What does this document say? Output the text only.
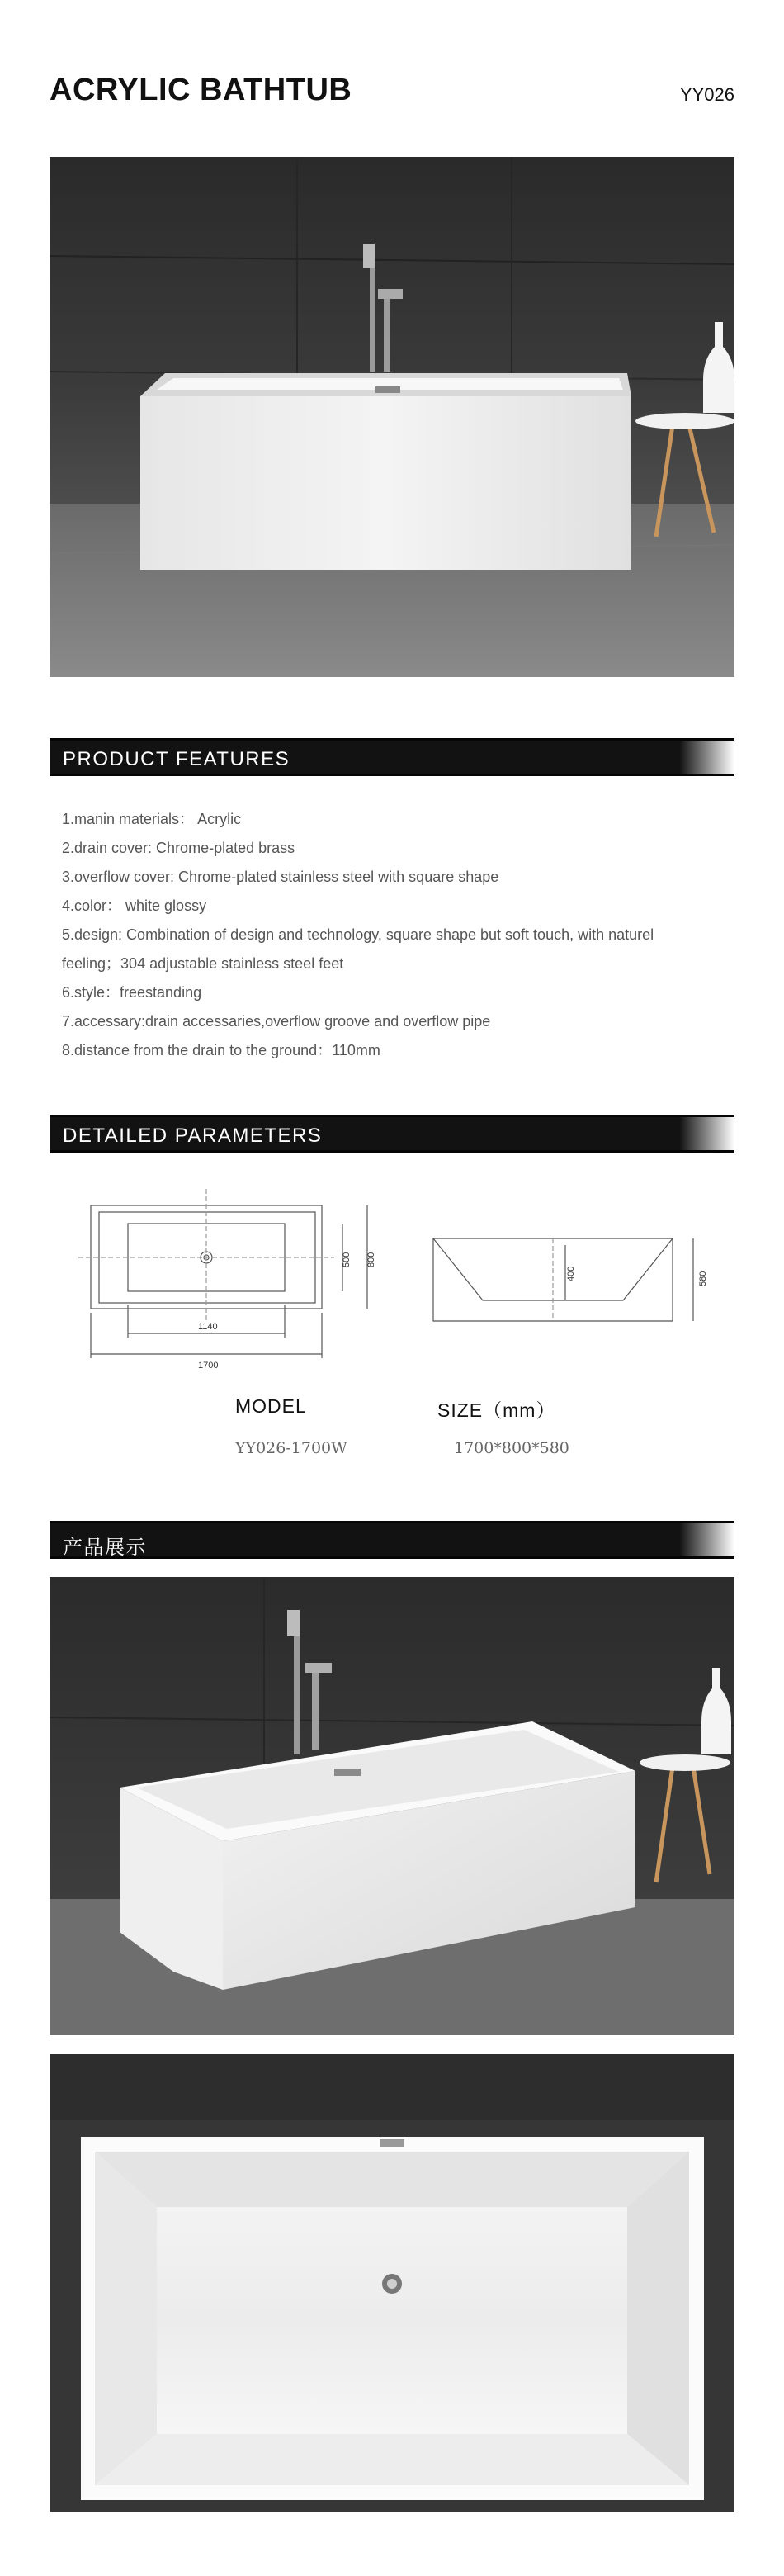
ACRYLIC BATHTUB	YY026
PRODUCT FEATURES
1.manin materials： Acrylic
2.drain cover: Chrome-plated brass
3.overflow cover: Chrome-plated stainless steel with square shape
4.color： white glossy
5.design: Combination of design and technology, square shape but soft touch, with naturel
feeling；304 adjustable stainless steel feet
6.style：freestanding
7.accessary:drain accessaries,overflow groove and overflow pipe
8.distance from the drain to the ground：110mm
DETAILED PARAMETERS
1140
1700
500 800
400	580
MODEL	SIZE（mm）
YY026-1700W	1700*800*580
产品展示
